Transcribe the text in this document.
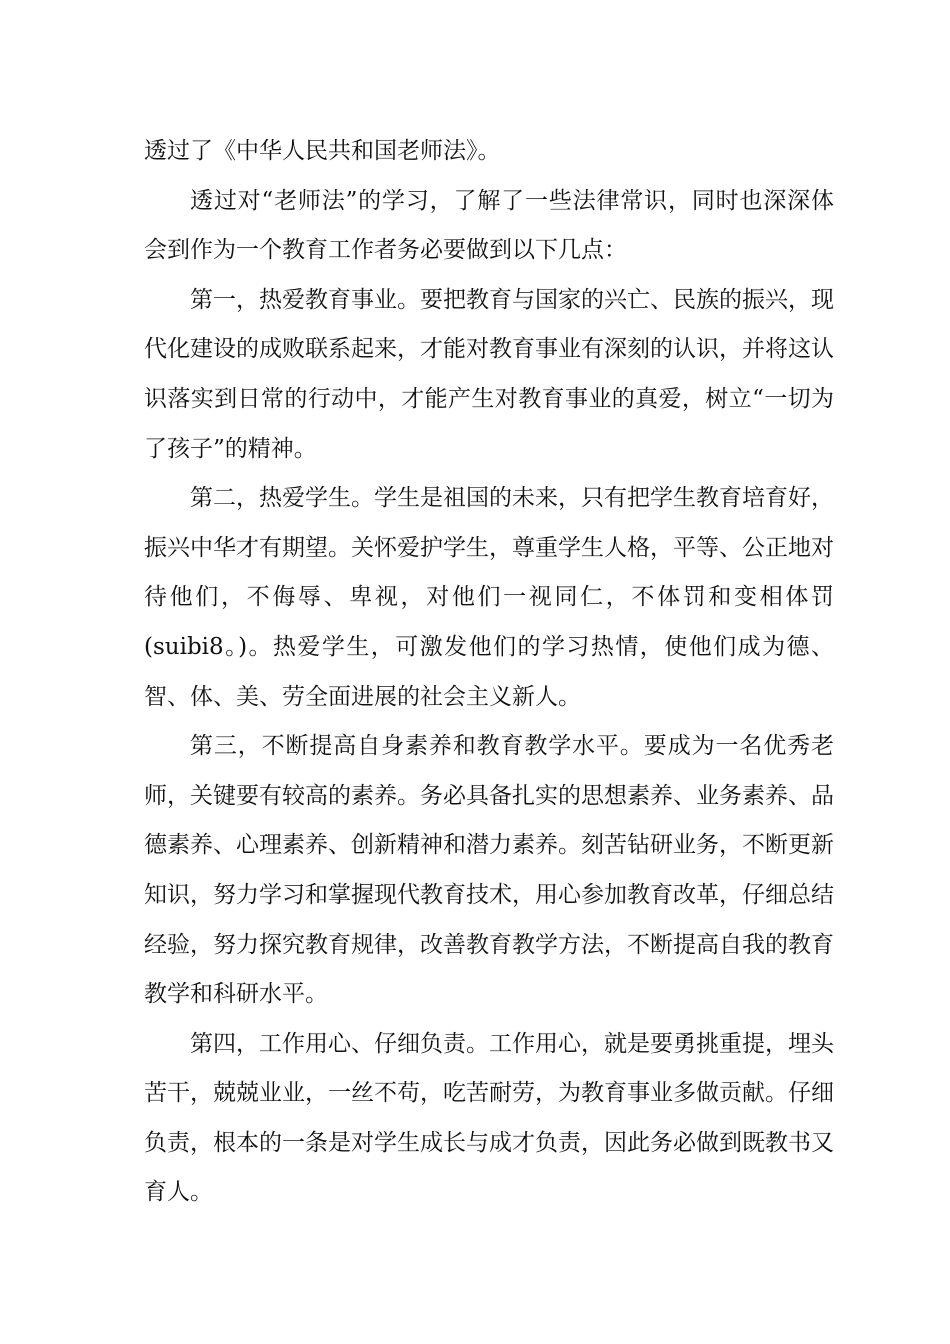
透过了《中华人民共和国老师法》。

透过对“老师法”的学习，了解了一些法律常识，同时也深深体会到作为一个教育工作者务必要做到以下几点：

第一，热爱教育事业。要把教育与国家的兴亡、民族的振兴，现代化建设的成败联系起来，才能对教育事业有深刻的认识，并将这认识落实到日常的行动中，才能产生对教育事业的真爱，树立“一切为了孩子”的精神。

第二，热爱学生。学生是祖国的未来，只有把学生教育培育好，振兴中华才有期望。关怀爱护学生，尊重学生人格，平等、公正地对待他们，不侮辱、卑视，对他们一视同仁，不体罚和变相体罚(suibi8。)。热爱学生，可激发他们的学习热情，使他们成为德、智、体、美、劳全面进展的社会主义新人。

第三，不断提高自身素养和教育教学水平。要成为一名优秀老师，关键要有较高的素养。务必具备扎实的思想素养、业务素养、品德素养、心理素养、创新精神和潜力素养。刻苦钻研业务，不断更新知识，努力学习和掌握现代教育技术，用心参加教育改革，仔细总结经验，努力探究教育规律，改善教育教学方法，不断提高自我的教育教学和科研水平。

第四，工作用心、仔细负责。工作用心，就是要勇挑重提，埋头苦干，兢兢业业，一丝不苟，吃苦耐劳，为教育事业多做贡献。仔细负责，根本的一条是对学生成长与成才负责，因此务必做到既教书又育人。
